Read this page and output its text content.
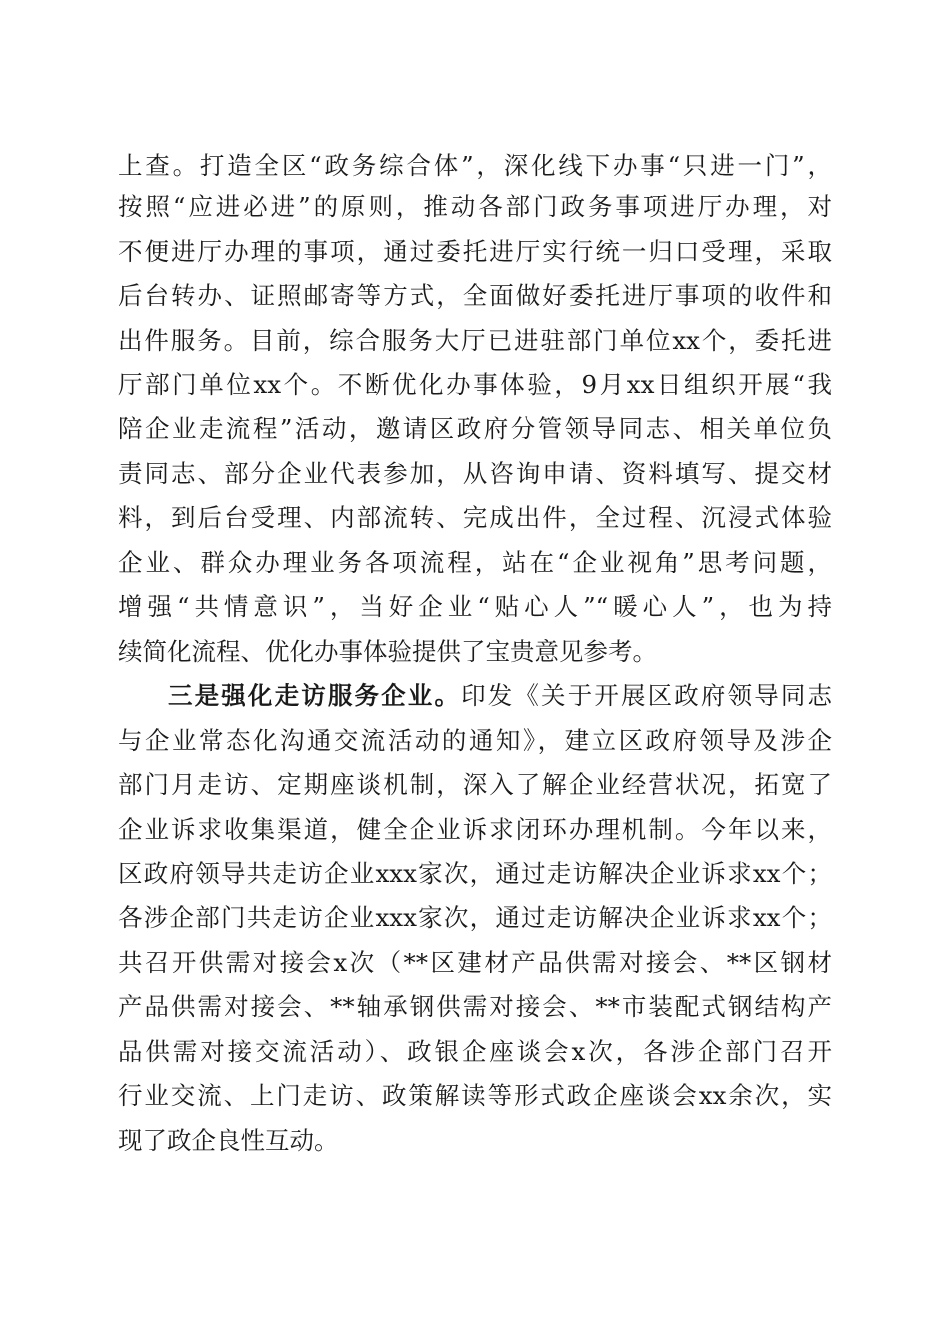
上查。打造全区“政务综合体”，深化线下办事“只进一门”，
按照“应进必进”的原则，推动各部门政务事项进厅办理，对
不便进厅办理的事项，通过委托进厅实行统一归口受理，采取
后台转办、证照邮寄等方式，全面做好委托进厅事项的收件和
出件服务。目前，综合服务大厅已进驻部门单位xx个，委托进
厅部门单位xx个。不断优化办事体验，9月xx日组织开展“我
陪企业走流程”活动，邀请区政府分管领导同志、相关单位负
责同志、部分企业代表参加，从咨询申请、资料填写、提交材
料，到后台受理、内部流转、完成出件，全过程、沉浸式体验
企业、群众办理业务各项流程，站在“企业视角”思考问题，
增强“共情意识”，当好企业“贴心人”“暖心人”，也为持
续简化流程、优化办事体验提供了宝贵意见参考。
三是强化走访服务企业。印发《关于开展区政府领导同志
与企业常态化沟通交流活动的通知》，建立区政府领导及涉企
部门月走访、定期座谈机制，深入了解企业经营状况，拓宽了
企业诉求收集渠道，健全企业诉求闭环办理机制。今年以来，
区政府领导共走访企业xxx家次，通过走访解决企业诉求xx个；
各涉企部门共走访企业xxx家次，通过走访解决企业诉求xx个；
共召开供需对接会x次（**区建材产品供需对接会、**区钢材
产品供需对接会、**轴承钢供需对接会、**市装配式钢结构产
品供需对接交流活动）、政银企座谈会x次，各涉企部门召开
行业交流、上门走访、政策解读等形式政企座谈会xx余次，实
现了政企良性互动。
